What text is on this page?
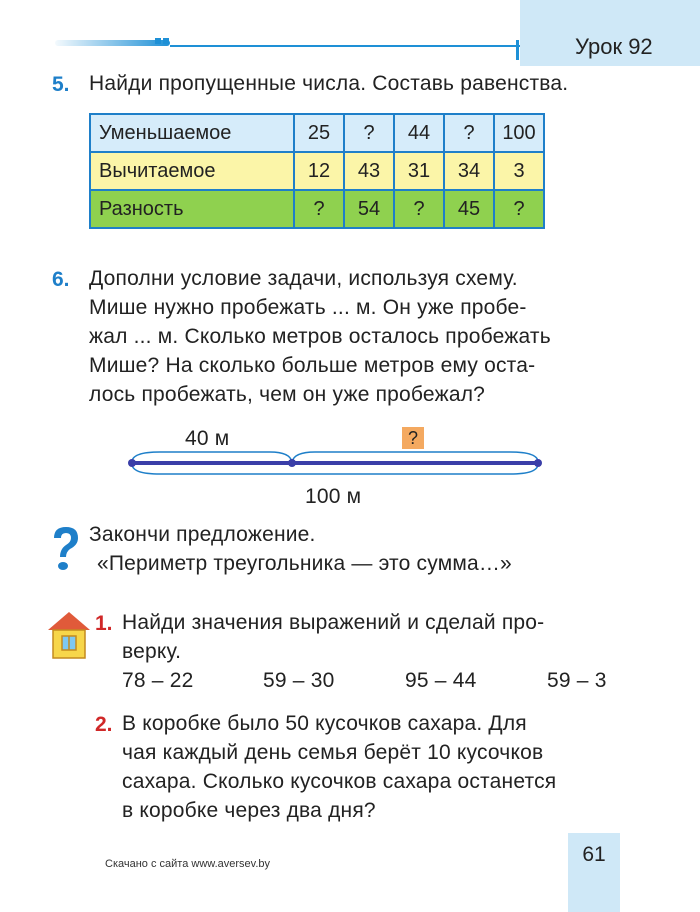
Урок 92
5. Найди пропущенные числа. Составь равенства.
Уменьшаемое	25	?	44	?	100
Вычитаемое	12	43	31	34	3
Разность	?	54	?	45	?
6. Дополни условие задачи, используя схему.
Мише нужно пробежать ... м. Он уже пробе-
жал ... м. Сколько метров осталось пробежать
Мише? На сколько больше метров ему оста-
лось пробежать, чем он уже пробежал?
40 м	?
100 м
Закончи предложение.
«Периметр треугольника — это сумма…»
1. Найди значения выражений и сделай про-
верку.
78 – 22	59 – 30	95 – 44	59 – 3
2. В коробке было 50 кусочков сахара. Для
чая каждый день семья берёт 10 кусочков
сахара. Сколько кусочков сахара останется
в коробке через два дня?
61
Скачано с сайта www.aversev.by
